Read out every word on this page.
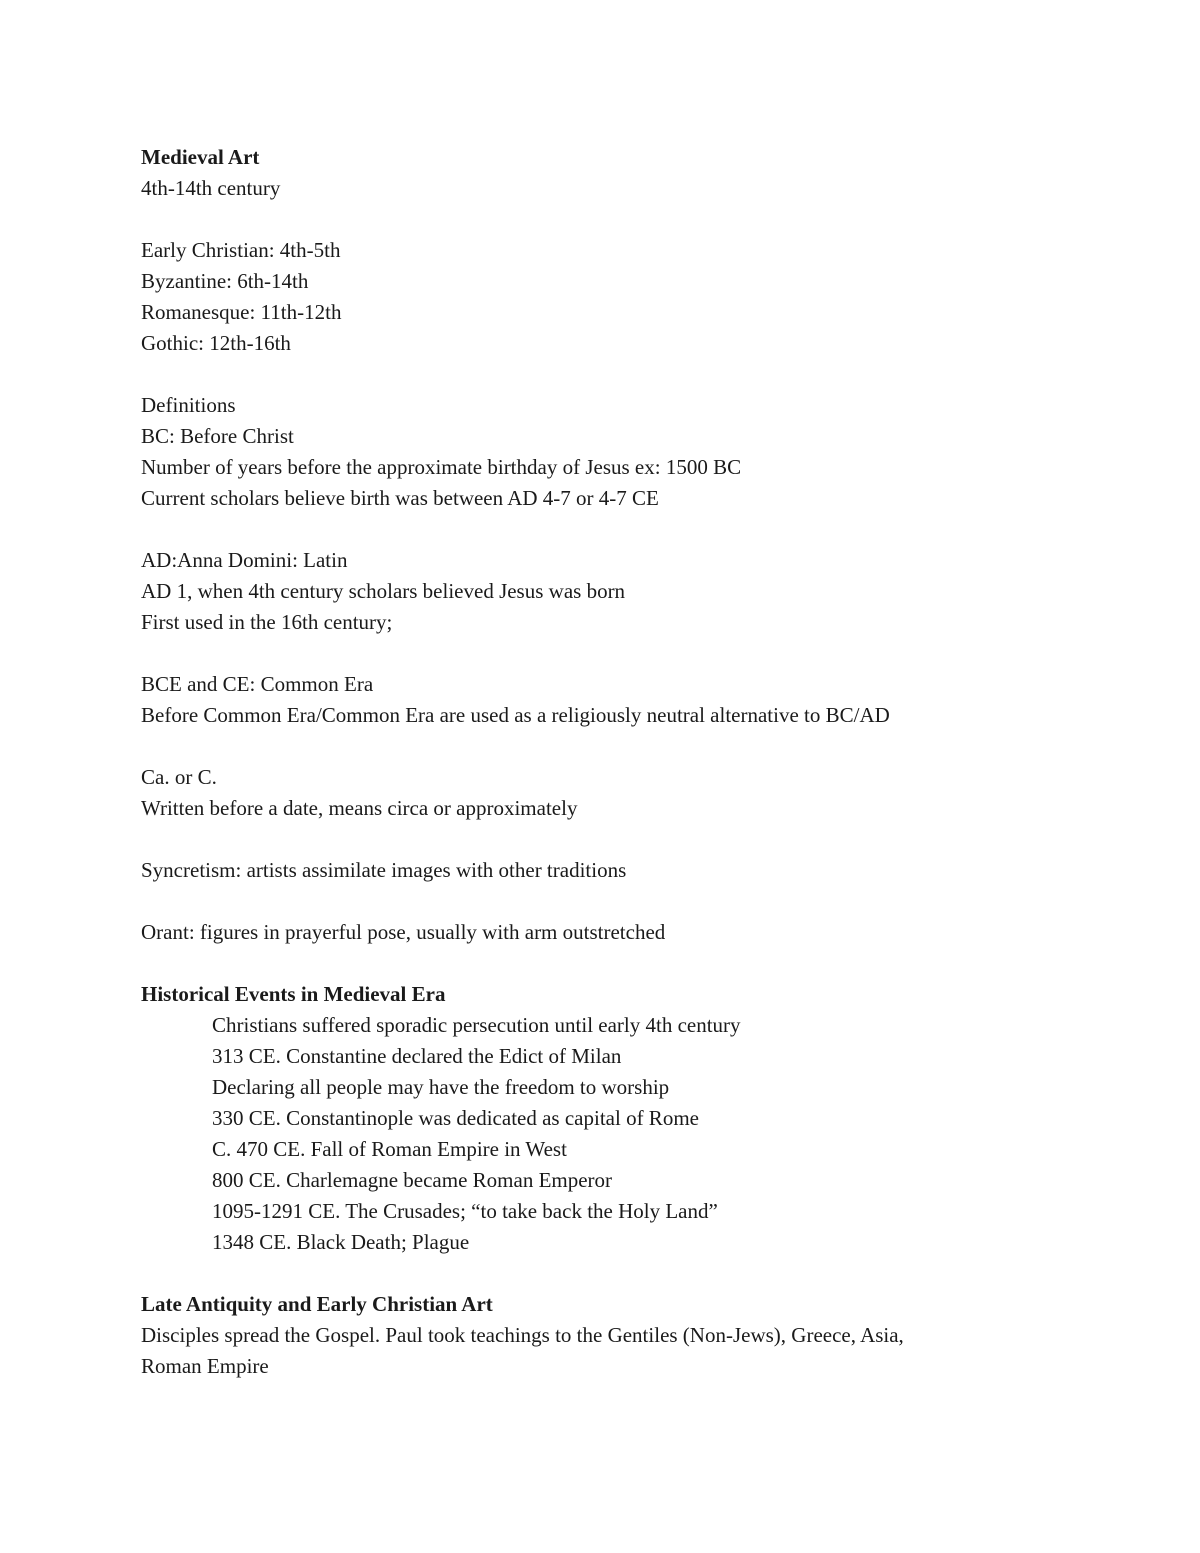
Medieval Art
4th-14th century
Early Christian: 4th-5th
Byzantine: 6th-14th
Romanesque: 11th-12th
Gothic: 12th-16th
Definitions
BC: Before Christ
Number of years before the approximate birthday of Jesus ex: 1500 BC
Current scholars believe birth was between AD 4-7 or 4-7 CE
AD:Anna Domini: Latin
AD 1, when 4th century scholars believed Jesus was born
First used in the 16th century;
BCE and CE: Common Era
Before Common Era/Common Era are used as a religiously neutral alternative to BC/AD
Ca. or C.
Written before a date, means circa or approximately
Syncretism: artists assimilate images with other traditions
Orant: figures in prayerful pose, usually with arm outstretched
Historical Events in Medieval Era
Christians suffered sporadic persecution until early 4th century
313 CE. Constantine declared the Edict of Milan
Declaring all people may have the freedom to worship
330 CE. Constantinople was dedicated as capital of Rome
C. 470 CE. Fall of Roman Empire in West
800 CE. Charlemagne became Roman Emperor
1095-1291 CE. The Crusades; “to take back the Holy Land”
1348 CE. Black Death; Plague
Late Antiquity and Early Christian Art
Disciples spread the Gospel. Paul took teachings to the Gentiles (Non-Jews), Greece, Asia,
Roman Empire
